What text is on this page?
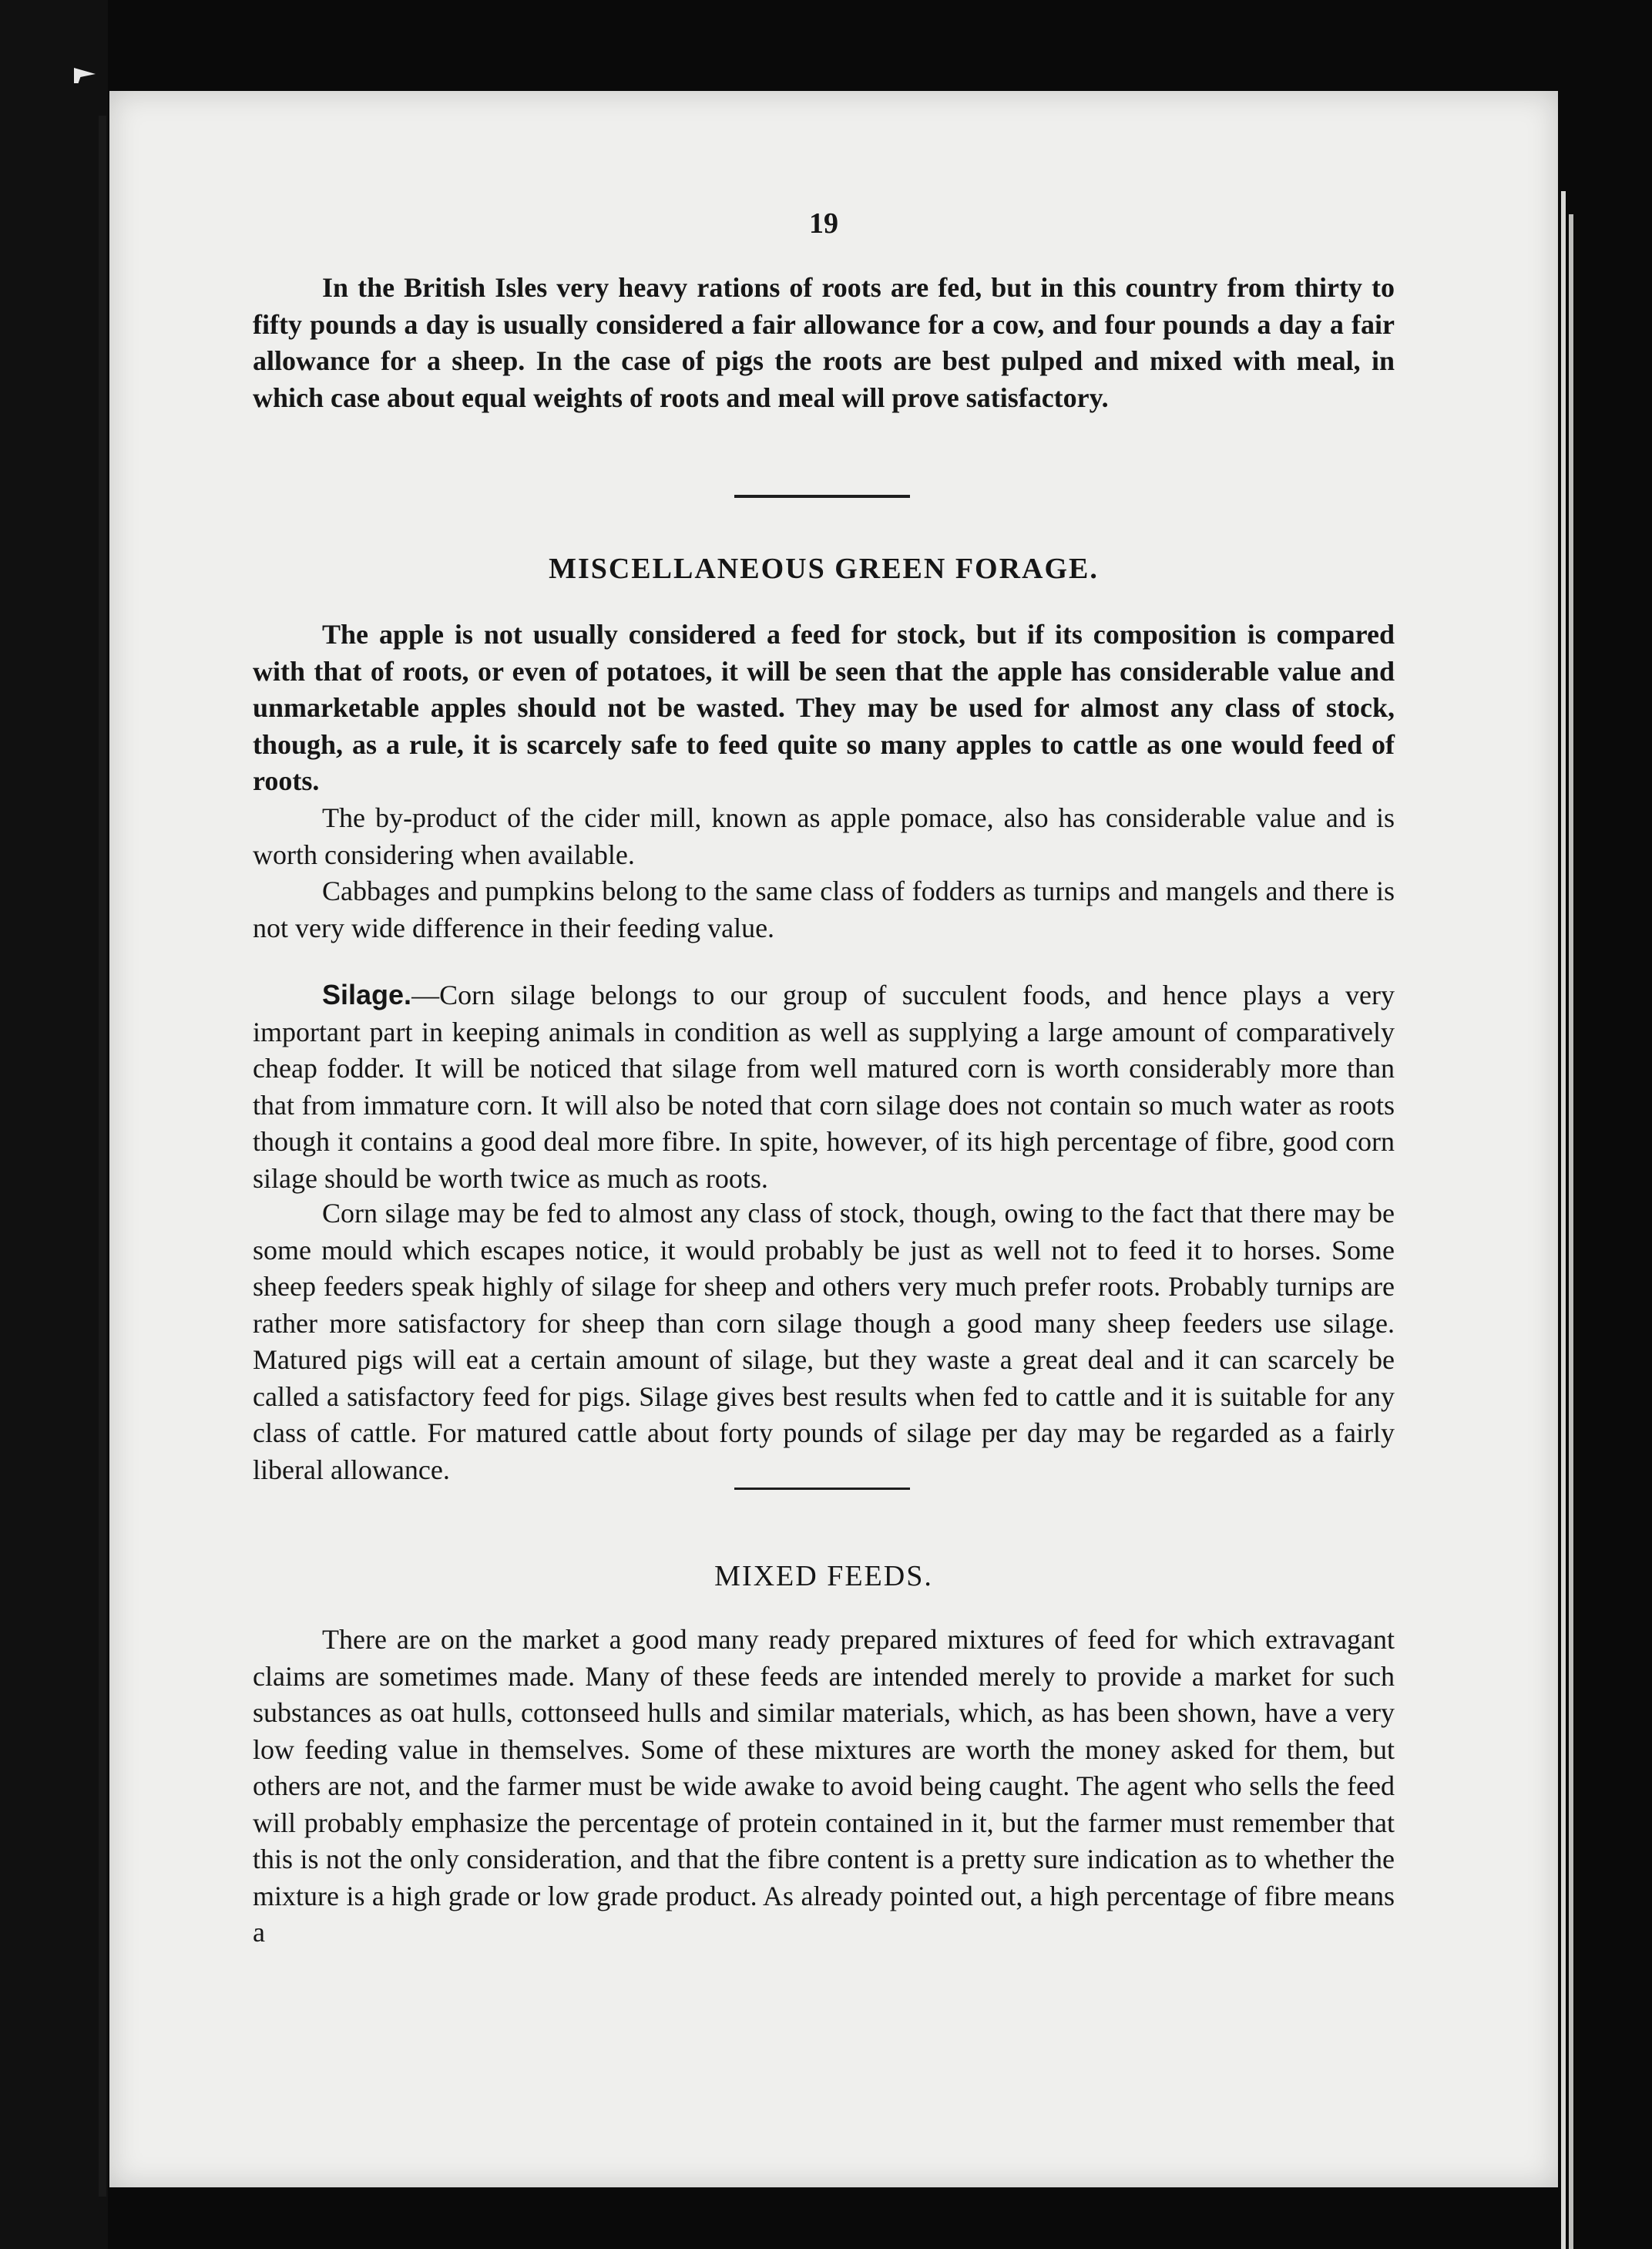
19

In the British Isles very heavy rations of roots are fed, but in this country from thirty to fifty pounds a day is usually considered a fair allowance for a cow, and four pounds a day a fair allowance for a sheep. In the case of pigs the roots are best pulped and mixed with meal, in which case about equal weights of roots and meal will prove satisfactory.

MISCELLANEOUS GREEN FORAGE.

The apple is not usually considered a feed for stock, but if its composition is compared with that of roots, or even of potatoes, it will be seen that the apple has considerable value and unmarketable apples should not be wasted. They may be used for almost any class of stock, though, as a rule, it is scarcely safe to feed quite so many apples to cattle as one would feed of roots.

The by-product of the cider mill, known as apple pomace, also has considerable value and is worth considering when available.

Cabbages and pumpkins belong to the same class of fodders as turnips and mangels and there is not very wide difference in their feeding value.

Silage.—Corn silage belongs to our group of succulent foods, and hence plays a very important part in keeping animals in condition as well as supplying a large amount of comparatively cheap fodder. It will be noticed that silage from well matured corn is worth considerably more than that from immature corn. It will also be noted that corn silage does not contain so much water as roots though it contains a good deal more fibre. In spite, however, of its high percentage of fibre, good corn silage should be worth twice as much as roots.

Corn silage may be fed to almost any class of stock, though, owing to the fact that there may be some mould which escapes notice, it would probably be just as well not to feed it to horses. Some sheep feeders speak highly of silage for sheep and others very much prefer roots. Probably turnips are rather more satisfactory for sheep than corn silage though a good many sheep feeders use silage. Matured pigs will eat a certain amount of silage, but they waste a great deal and it can scarcely be called a satisfactory feed for pigs. Silage gives best results when fed to cattle and it is suitable for any class of cattle. For matured cattle about forty pounds of silage per day may be regarded as a fairly liberal allowance.

MIXED FEEDS.

There are on the market a good many ready prepared mixtures of feed for which extravagant claims are sometimes made. Many of these feeds are intended merely to provide a market for such substances as oat hulls, cottonseed hulls and similar materials, which, as has been shown, have a very low feeding value in themselves. Some of these mixtures are worth the money asked for them, but others are not, and the farmer must be wide awake to avoid being caught. The agent who sells the feed will probably emphasize the percentage of protein contained in it, but the farmer must remember that this is not the only consideration, and that the fibre content is a pretty sure indication as to whether the mixture is a high grade or low grade product. As already pointed out, a high percentage of fibre means a
